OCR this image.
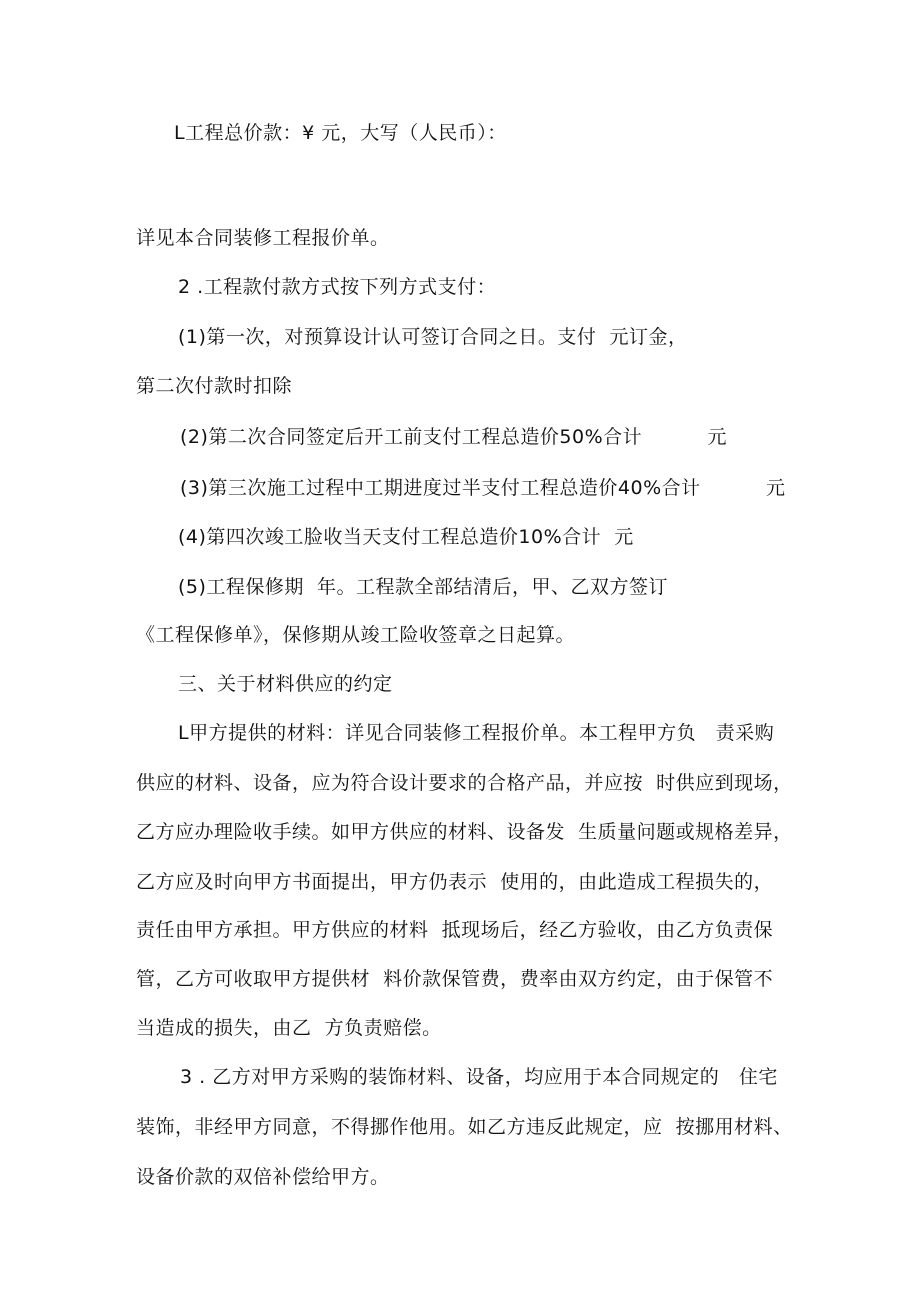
L工程总价款：¥ 元，大写（人民币）：
详见本合同装修工程报价单。
2 .工程款付款方式按下列方式支付：
(1)第一次，对预算设计认可签订合同之日。支付  元订金，
第二次付款时扣除
(2)第二次合同签定后开工前支付工程总造价50%合计          元
(3)第三次施工过程中工期进度过半支付工程总造价40%合计          元
(4)第四次竣工脸收当天支付工程总造价10%合计  元
(5)工程保修期  年。工程款全部结清后，甲、乙双方签订
《工程保修单》，保修期从竣工险收签章之日起算。
三、关于材料供应的约定
L甲方提供的材料：详见合同装修工程报价单。本工程甲方负   责采购
供应的材料、设备，应为符合设计要求的合格产品，并应按  时供应到现场，
乙方应办理险收手续。如甲方供应的材料、设备发  生质量问题或规格差异，
乙方应及时向甲方书面提出，甲方仍表示  使用的，由此造成工程损失的，
责任由甲方承担。甲方供应的材料  抵现场后，经乙方验收，由乙方负责保
管，乙方可收取甲方提供材  料价款保管费，费率由双方约定，由于保管不
当造成的损失，由乙  方负责赔偿。
3 . 乙方对甲方采购的装饰材料、设备，均应用于本合同规定的   住宅
装饰，非经甲方同意，不得挪作他用。如乙方违反此规定，应  按挪用材料、
设备价款的双倍补偿给甲方。
